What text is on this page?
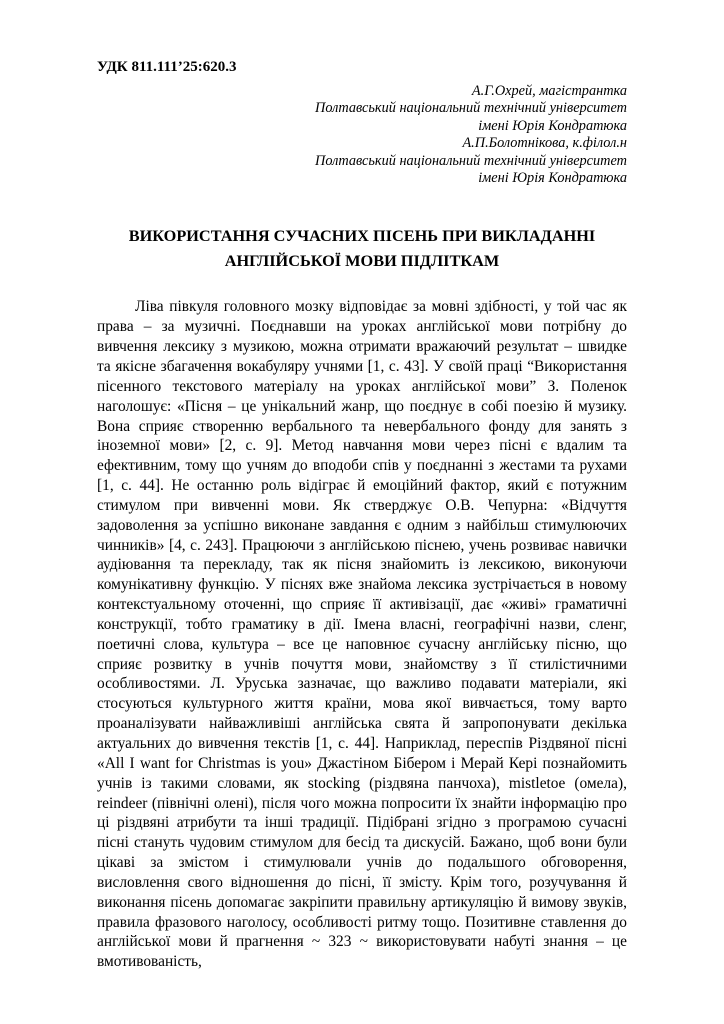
УДК 811.111’25:620.3
А.Г.Охрей, магістрантка
Полтавський національний технічний університет
імені Юрія Кондратюка
А.П.Болотнікова, к.філол.н
Полтавський національний технічний університет
імені Юрія Кондратюка
ВИКОРИСТАННЯ СУЧАСНИХ ПІСЕНЬ ПРИ ВИКЛАДАННІ АНГЛІЙСЬКОЇ МОВИ ПІДЛІТКАМ

Ліва півкуля головного мозку відповідає за мовні здібності, у той час як права – за музичні. Поєднавши на уроках англійської мови потрібну до вивчення лексику з музикою, можна отримати вражаючий результат – швидке та якісне збагачення вокабуляру учнями [1, с. 43]. У своїй праці “Використання пісенного текстового матеріалу на уроках англійської мови” З. Поленок наголошує: «Пісня – це унікальний жанр, що поєднує в собі поезію й музику. Вона сприяє створенню вербального та невербального фонду для занять з іноземної мови» [2, с. 9]. Метод навчання мови через пісні є вдалим та ефективним, тому що учням до вподоби спів у поєднанні з жестами та рухами [1, с. 44]. Не останню роль відіграє й емоційний фактор, який є потужним стимулом при вивченні мови. Як стверджує О.В. Чепурна: «Відчуття задоволення за успішно виконане завдання є одним з найбільш стимулюючих чинників» [4, с. 243]. Працюючи з англійською піснею, учень розвиває навички аудіювання та перекладу, так як пісня знайомить із лексикою, виконуючи комунікативну функцію. У піснях вже знайома лексика зустрічається в новому контекстуальному оточенні, що сприяє її активізації, дає «живі» граматичні конструкції, тобто граматику в дії. Імена власні, географічні назви, сленг, поетичні слова, культура – все це наповнює сучасну англійську пісню, що сприяє розвитку в учнів почуття мови, знайомству з її стилістичними особливостями. Л. Уруська зазначає, що важливо подавати матеріали, які стосуються культурного життя країни, мова якої вивчається, тому варто проаналізувати найважливіші англійська свята й запропонувати декілька актуальних до вивчення текстів [1, с. 44]. Наприклад, переспів Різдвяної пісні «All I want for Christmas is you» Джастіном Бібером і Мерай Кері познайомить учнів із такими словами, як stocking (різдвяна панчоха), mistletoe (омела), reindeer (північні олені), після чого можна попросити їх знайти інформацію про ці різдвяні атрибути та інші традиції. Підібрані згідно з програмою сучасні пісні стануть чудовим стимулом для бесід та дискусій. Бажано, щоб вони були цікаві за змістом і стимулювали учнів до подальшого обговорення, висловлення свого відношення до пісні, її змісту. Крім того, розучування й виконання пісень допомагає закріпити правильну артикуляцію й вимову звуків, правила фразового наголосу, особливості ритму тощо. Позитивне ставлення до англійської мови й прагнення ~ 323 ~ використовувати набуті знання – це вмотивованість,
